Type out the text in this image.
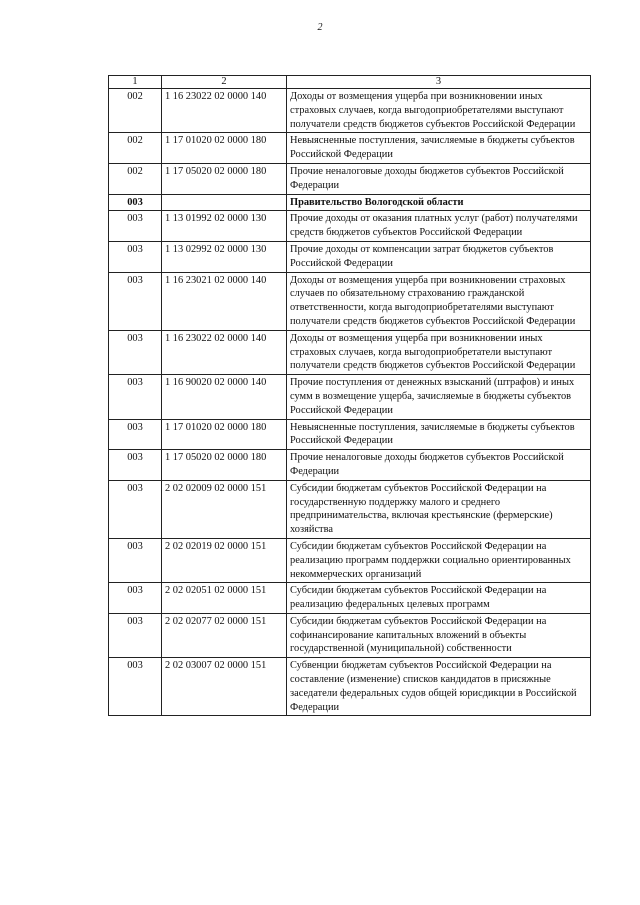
2
1	2	3
002	1 16 23022 02 0000 140	Доходы от возмещения ущерба при возникновении иных страховых случаев, когда выгодоприобретателями выступают получатели средств бюджетов субъектов Российской Федерации
002	1 17 01020 02 0000 180	Невыясненные поступления, зачисляемые в бюджеты субъектов Российской Федерации
002	1 17 05020 02 0000 180	Прочие неналоговые доходы бюджетов субъектов Российской Федерации
003		Правительство Вологодской области
003	1 13 01992 02 0000 130	Прочие доходы от оказания платных услуг (работ) получателями средств бюджетов субъектов Российской Федерации
003	1 13 02992 02 0000 130	Прочие доходы от компенсации затрат бюджетов субъектов Российской Федерации
003	1 16 23021 02 0000 140	Доходы от возмещения ущерба при возникновении страховых случаев по обязательному страхованию гражданской ответственности, когда выгодоприобретателями выступают получатели средств бюджетов субъектов Российской Федерации
003	1 16 23022 02 0000 140	Доходы от возмещения ущерба при возникновении иных страховых случаев, когда выгодоприобретатели выступают получатели средств бюджетов субъектов Российской Федерации
003	1 16 90020 02 0000 140	Прочие поступления от денежных взысканий (штрафов) и иных сумм в возмещение ущерба, зачисляемые в бюджеты субъектов Российской Федерации
003	1 17 01020 02 0000 180	Невыясненные поступления, зачисляемые в бюджеты субъектов Российской Федерации
003	1 17 05020 02 0000 180	Прочие неналоговые доходы бюджетов субъектов Российской Федерации
003	2 02 02009 02 0000 151	Субсидии бюджетам субъектов Российской Федерации на государственную поддержку малого и среднего предпринимательства, включая крестьянские (фермерские) хозяйства
003	2 02 02019 02 0000 151	Субсидии бюджетам субъектов Российской Федерации на реализацию программ поддержки социально ориентированных некоммерческих организаций
003	2 02 02051 02 0000 151	Субсидии бюджетам субъектов Российской Федерации на реализацию федеральных целевых программ
003	2 02 02077 02 0000 151	Субсидии бюджетам субъектов Российской Федерации на софинансирование капитальных вложений в объекты государственной (муниципальной) собственности
003	2 02 03007 02 0000 151	Субвенции бюджетам субъектов Российской Федерации на составление (изменение) списков кандидатов в присяжные заседатели федеральных судов общей юрисдикции в Российской Федерации
